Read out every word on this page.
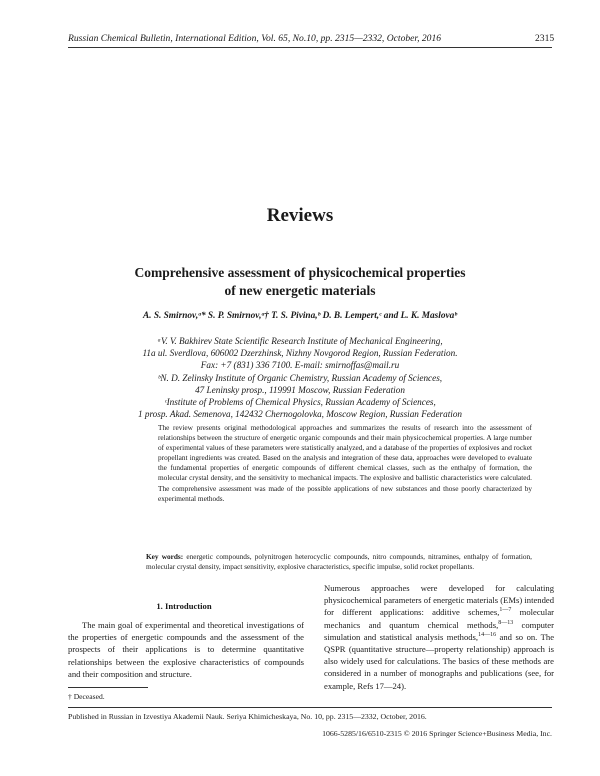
Russian Chemical Bulletin, International Edition, Vol. 65, No.10, pp. 2315—2332, October, 2016	2315
Reviews
Comprehensive assessment of physicochemical properties
of new energetic materials
A. S. Smirnov,ᵃ* S. P. Smirnov,ᵃ† T. S. Pivina,ᵇ D. B. Lempert,ᶜ and L. K. Maslovaᵇ
ᵃV. V. Bakhirev State Scientific Research Institute of Mechanical Engineering,
11a ul. Sverdlova, 606002 Dzerzhinsk, Nizhny Novgorod Region, Russian Federation.
Fax: +7 (831) 336 7100. E-mail: smirnoffas@mail.ru
ᵇN. D. Zelinsky Institute of Organic Chemistry, Russian Academy of Sciences,
47 Leninsky prosp., 119991 Moscow, Russian Federation
ᶜInstitute of Problems of Chemical Physics, Russian Academy of Sciences,
1 prosp. Akad. Semenova, 142432 Chernogolovka, Moscow Region, Russian Federation
The review presents original methodological approaches and summarizes the results of research into the assessment of relationships between the structure of energetic organic compounds and their main physicochemical properties. A large number of experimental values of these parameters were statistically analyzed, and a database of the properties of explosives and rocket propellant ingredients was created. Based on the analysis and integration of these data, approaches were developed to evaluate the fundamental properties of energetic compounds of different chemical classes, such as the enthalpy of formation, the molecular crystal density, and the sensitivity to mechanical impacts. The explosive and ballistic characteristics were calculated. The comprehensive assessment was made of the possible applications of new substances and those poorly characterized by experimental methods.
Key words: energetic compounds, polynitrogen heterocyclic compounds, nitro compounds, nitramines, enthalpy of formation, molecular crystal density, impact sensitivity, explosive characteristics, specific impulse, solid rocket propellants.
1. Introduction
The main goal of experimental and theoretical investigations of the properties of energetic compounds and the assessment of the prospects of their applications is to determine quantitative relationships between the explosive characteristics of compounds and their composition and structure.
Numerous approaches were developed for calculating physicochemical parameters of energetic materials (EMs) intended for different applications: additive schemes,$^{1—7}$ molecular mechanics and quantum chemical methods,$^{8—13}$ computer simulation and statistical analysis methods,$^{14—16}$ and so on. The QSPR (quantitative structure—property relationship) approach is also widely used for calculations. The basics of these methods are considered in a number of monographs and publications (see, for example, Refs 17—24).
† Deceased.
Published in Russian in Izvestiya Akademii Nauk. Seriya Khimicheskaya, No. 10, pp. 2315—2332, October, 2016.
1066-5285/16/6510-2315 © 2016 Springer Science+Business Media, Inc.
